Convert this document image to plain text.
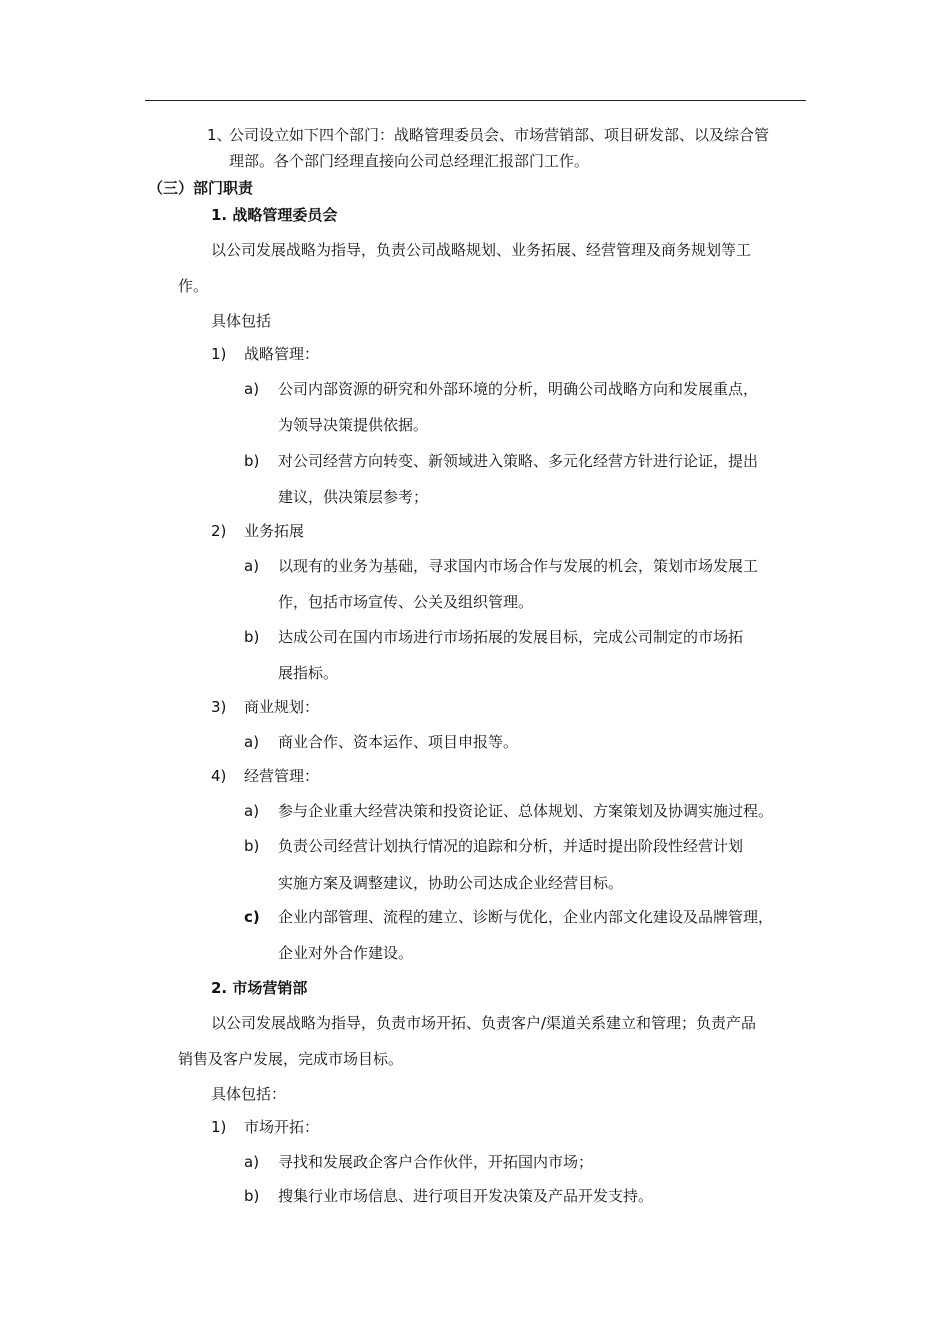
1、
公司设立如下四个部门：战略管理委员会、市场营销部、项目研发部、以及综合管
理部。各个部门经理直接向公司总经理汇报部门工作。
（三）部门职责
1. 战略管理委员会
以公司发展战略为指导，负责公司战略规划、业务拓展、经营管理及商务规划等工
作。
具体包括
1) 战略管理：
a) 公司内部资源的研究和外部环境的分析，明确公司战略方向和发展重点，
为领导决策提供依据。
b) 对公司经营方向转变、新领域进入策略、多元化经营方针进行论证，提出
建议，供决策层参考；
2) 业务拓展
a) 以现有的业务为基础，寻求国内市场合作与发展的机会，策划市场发展工
作，包括市场宣传、公关及组织管理。
b) 达成公司在国内市场进行市场拓展的发展目标，完成公司制定的市场拓
展指标。
3) 商业规划：
a) 商业合作、资本运作、项目申报等。
4) 经营管理：
a) 参与企业重大经营决策和投资论证、总体规划、方案策划及协调实施过程。
b) 负责公司经营计划执行情况的追踪和分析，并适时提出阶段性经营计划
实施方案及调整建议，协助公司达成企业经营目标。
c) 企业内部管理、流程的建立、诊断与优化，企业内部文化建设及品牌管理，
企业对外合作建设。
2. 市场营销部
以公司发展战略为指导，负责市场开拓、负责客户/渠道关系建立和管理；负责产品
销售及客户发展，完成市场目标。
具体包括：
1) 市场开拓：
a) 寻找和发展政企客户合作伙伴，开拓国内市场；
b) 搜集行业市场信息、进行项目开发决策及产品开发支持。
